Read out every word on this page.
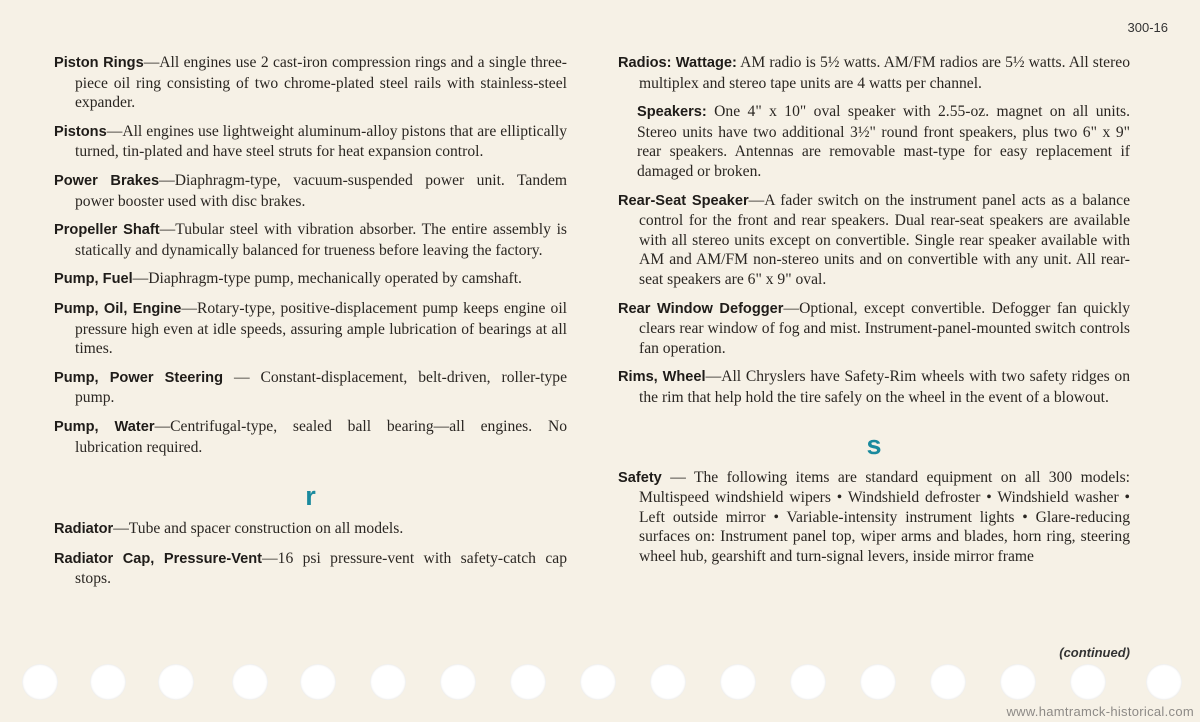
300-16

Piston Rings—All engines use 2 cast-iron compression rings and a single three-piece oil ring consisting of two chrome-plated steel rails with stainless-steel expander.

Pistons—All engines use lightweight aluminum-alloy pistons that are elliptically turned, tin-plated and have steel struts for heat expansion control.

Power Brakes—Diaphragm-type, vacuum-suspended power unit. Tandem power booster used with disc brakes.

Propeller Shaft—Tubular steel with vibration absorber. The entire assembly is statically and dynamically balanced for trueness before leaving the factory.

Pump, Fuel—Diaphragm-type pump, mechanically operated by camshaft.

Pump, Oil, Engine—Rotary-type, positive-displacement pump keeps engine oil pressure high even at idle speeds, assuring ample lubrication of bearings at all times.

Pump, Power Steering — Constant-displacement, belt-driven, roller-type pump.

Pump, Water—Centrifugal-type, sealed ball bearing—all engines. No lubrication required.

r

Radiator—Tube and spacer construction on all models.

Radiator Cap, Pressure-Vent—16 psi pressure-vent with safety-catch cap stops.

Radios: Wattage: AM radio is 5½ watts. AM/FM radios are 5½ watts. All stereo multiplex and stereo tape units are 4 watts per channel.

Speakers: One 4" x 10" oval speaker with 2.55-oz. magnet on all units. Stereo units have two additional 3½" round front speakers, plus two 6" x 9" rear speakers. Antennas are removable mast-type for easy replacement if damaged or broken.

Rear-Seat Speaker—A fader switch on the instrument panel acts as a balance control for the front and rear speakers. Dual rear-seat speakers are available with all stereo units except on convertible. Single rear speaker available with AM and AM/FM non-stereo units and on convertible with any unit. All rear-seat speakers are 6" x 9" oval.

Rear Window Defogger—Optional, except convertible. Defogger fan quickly clears rear window of fog and mist. Instrument-panel-mounted switch controls fan operation.

Rims, Wheel—All Chryslers have Safety-Rim wheels with two safety ridges on the rim that help hold the tire safely on the wheel in the event of a blowout.

s

Safety — The following items are standard equipment on all 300 models: Multispeed windshield wipers • Windshield defroster • Windshield washer • Left outside mirror • Variable-intensity instrument lights • Glare-reducing surfaces on: Instrument panel top, wiper arms and blades, horn ring, steering wheel hub, gearshift and turn-signal levers, inside mirror frame

(continued)
www.hamtramck-historical.com
